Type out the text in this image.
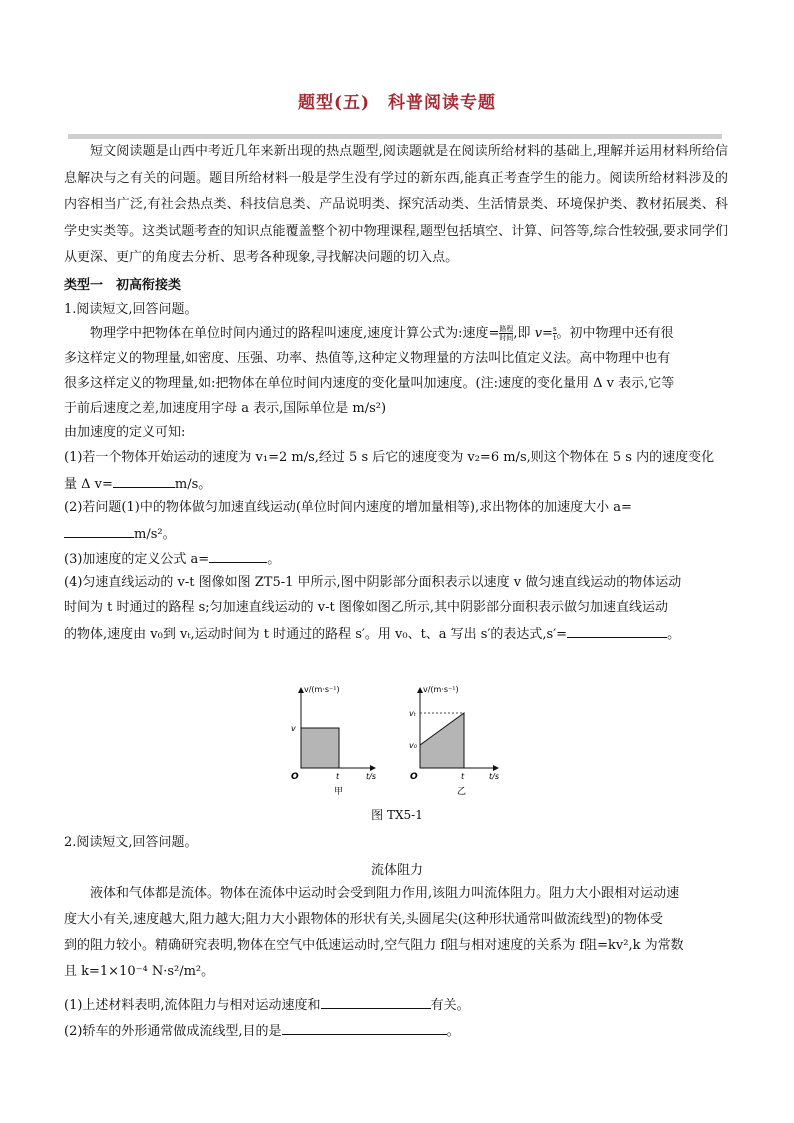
题型(五)　科普阅读专题
短文阅读题是山西中考近几年来新出现的热点题型,阅读题就是在阅读所给材料的基础上,理解并运用材料所给信息解决与之有关的问题。题目所给材料一般是学生没有学过的新东西,能真正考查学生的能力。阅读所给材料涉及的内容相当广泛,有社会热点类、科技信息类、产品说明类、探究活动类、生活情景类、环境保护类、教材拓展类、科学史实类等。这类试题考查的知识点能覆盖整个初中物理课程,题型包括填空、计算、问答等,综合性较强,要求同学们从更深、更广的角度去分析、思考各种现象,寻找解决问题的切入点。
类型一　初高衔接类
1.阅读短文,回答问题。
物理学中把物体在单位时间内通过的路程叫速度,速度计算公式为:速度= $\frac{\text{路程}}{\text{时间}}$ ,即 $v= \frac{s}{t}$ 。初中物理中还有很
多这样定义的物理量,如密度、压强、功率、热值等,这种定义物理量的方法叫比值定义法。高中物理中也有
很多这样定义的物理量,如:把物体在单位时间内速度的变化量叫加速度。(注:速度的变化量用 Δ v 表示,它等
于前后速度之差,加速度用字母 a 表示,国际单位是 m/s²)
由加速度的定义可知:
(1)若一个物体开始运动的速度为 v₁=2 m/s,经过 5 s 后它的速度变为 v₂=6 m/s,则这个物体在 5 s 内的速度变化
量 Δ v=	m/s。
(2)若问题(1)中的物体做匀加速直线运动(单位时间内速度的增加量相等),求出物体的加速度大小 a=
m/s²。
(3)加速度的定义公式 a=	。
(4)匀速直线运动的 v-t 图像如图 ZT5-1 甲所示,图中阴影部分面积表示以速度 v 做匀速直线运动的物体运动
时间为 t 时通过的路程 s;匀加速直线运动的 v-t 图像如图乙所示,其中阴影部分面积表示做匀加速直线运动
的物体,速度由 v₀到 vₜ,运动时间为 t 时通过的路程 s′。用 v₀、t、a 写出 s′的表达式,s′=	。
v/(m·s⁻¹)
t/s
O
v
t
甲
v/(m·s⁻¹)
t/s
O
vₜ
v₀
t
乙
图 TX5-1
2.阅读短文,回答问题。
流体阻力
液体和气体都是流体。物体在流体中运动时会受到阻力作用,该阻力叫流体阻力。阻力大小跟相对运动速
度大小有关,速度越大,阻力越大;阻力大小跟物体的形状有关,头圆尾尖(这种形状通常叫做流线型)的物体受
到的阻力较小。精确研究表明,物体在空气中低速运动时,空气阻力 f阻与相对速度的关系为 f阻=kv²,k 为常数
且 k=1×10⁻⁴ N·s²/m²。
(1)上述材料表明,流体阻力与相对运动速度和	有关。
(2)轿车的外形通常做成流线型,目的是	。
